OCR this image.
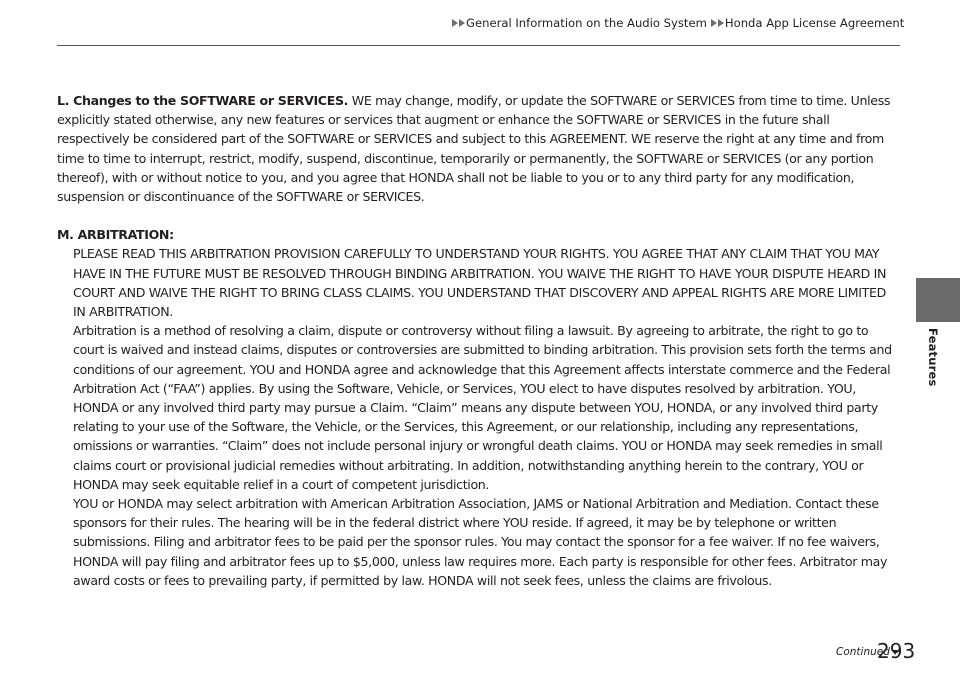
General Information on the Audio System Honda App License Agreement
Features

L. Changes to the SOFTWARE or SERVICES. WE may change, modify, or update the SOFTWARE or SERVICES from time to time. Unless explicitly stated otherwise, any new features or services that augment or enhance the SOFTWARE or SERVICES in the future shall respectively be considered part of the SOFTWARE or SERVICES and subject to this AGREEMENT. WE reserve the right at any time and from time to time to interrupt, restrict, modify, suspend, discontinue, temporarily or permanently, the SOFTWARE or SERVICES (or any portion thereof), with or without notice to you, and you agree that HONDA shall not be liable to you or to any third party for any modification, suspension or discontinuance of the SOFTWARE or SERVICES.

M. ARBITRATION:

PLEASE READ THIS ARBITRATION PROVISION CAREFULLY TO UNDERSTAND YOUR RIGHTS. YOU AGREE THAT ANY CLAIM THAT YOU MAY HAVE IN THE FUTURE MUST BE RESOLVED THROUGH BINDING ARBITRATION. YOU WAIVE THE RIGHT TO HAVE YOUR DISPUTE HEARD IN COURT AND WAIVE THE RIGHT TO BRING CLASS CLAIMS. YOU UNDERSTAND THAT DISCOVERY AND APPEAL RIGHTS ARE MORE LIMITED IN ARBITRATION.

Arbitration is a method of resolving a claim, dispute or controversy without filing a lawsuit. By agreeing to arbitrate, the right to go to court is waived and instead claims, disputes or controversies are submitted to binding arbitration. This provision sets forth the terms and conditions of our agreement. YOU and HONDA agree and acknowledge that this Agreement affects interstate commerce and the Federal Arbitration Act (“FAA”) applies. By using the Software, Vehicle, or Services, YOU elect to have disputes resolved by arbitration. YOU, HONDA or any involved third party may pursue a Claim. “Claim” means any dispute between YOU, HONDA, or any involved third party relating to your use of the Software, the Vehicle, or the Services, this Agreement, or our relationship, including any representations, omissions or warranties. “Claim” does not include personal injury or wrongful death claims. YOU or HONDA may seek remedies in small claims court or provisional judicial remedies without arbitrating. In addition, notwithstanding anything herein to the contrary, YOU or HONDA may seek equitable relief in a court of competent jurisdiction.

YOU or HONDA may select arbitration with American Arbitration Association, JAMS or National Arbitration and Mediation. Contact these sponsors for their rules. The hearing will be in the federal district where YOU reside. If agreed, it may be by telephone or written submissions. Filing and arbitrator fees to be paid per the sponsor rules. You may contact the sponsor for a fee waiver. If no fee waivers, HONDA will pay filing and arbitrator fees up to $5,000, unless law requires more. Each party is responsible for other fees. Arbitrator may award costs or fees to prevailing party, if permitted by law. HONDA will not seek fees, unless the claims are frivolous.

Continued
293
